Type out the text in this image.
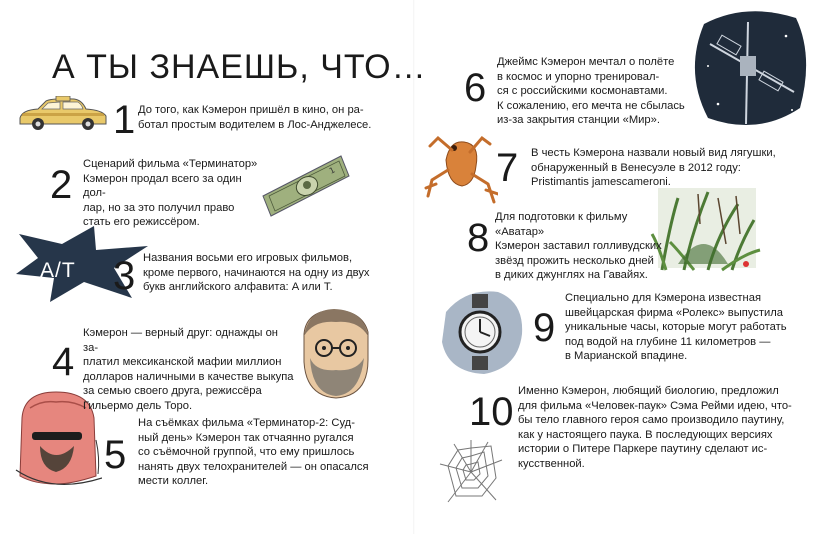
А ТЫ ЗНАЕШЬ, ЧТО…
1
A/T
1
2
3
4
5
6
7
8
9
10
До того, как Кэмерон пришёл в кино, он ра-
ботал простым водителем в Лос-Анджелесе.
Сценарий фильма «Терминатор»
Кэмерон продал всего за один дол-
лар, но за это получил право
стать его режиссёром.
Названия восьми его игровых фильмов,
кроме первого, начинаются на одну из двух
букв английского алфавита: A или T.
Кэмерон — верный друг: однажды он за-
платил мексиканской мафии миллион
долларов наличными в качестве выкупа
за семью своего друга, режиссёра
Гильермо дель Торо.
На съёмках фильма «Терминатор-2: Суд-
ный день» Кэмерон так отчаянно ругался
со съёмочной группой, что ему пришлось
нанять двух телохранителей — он опасался
мести коллег.
Джеймс Кэмерон мечтал о полёте
в космос и упорно тренировал-
ся с российскими космонавтами.
К сожалению, его мечта не сбылась
из-за закрытия станции «Мир».
В честь Кэмерона назвали новый вид лягушки,
обнаруженный в Венесуэле в 2012 году:
Pristimantis jamescameroni.
Для подготовки к фильму «Аватар»
Кэмерон заставил голливудских
звёзд прожить несколько дней
в диких джунглях на Гавайях.
Специально для Кэмерона известная
швейцарская фирма «Ролекс» выпустила
уникальные часы, которые могут работать
под водой на глубине 11 километров —
в Марианской впадине.
Именно Кэмерон, любящий биологию, предложил
для фильма «Человек-паук» Сэма Рейми идею, что-
бы тело главного героя само производило паутину,
как у настоящего паука. В последующих версиях
истории о Питере Паркере паутину сделают ис-
кусственной.
